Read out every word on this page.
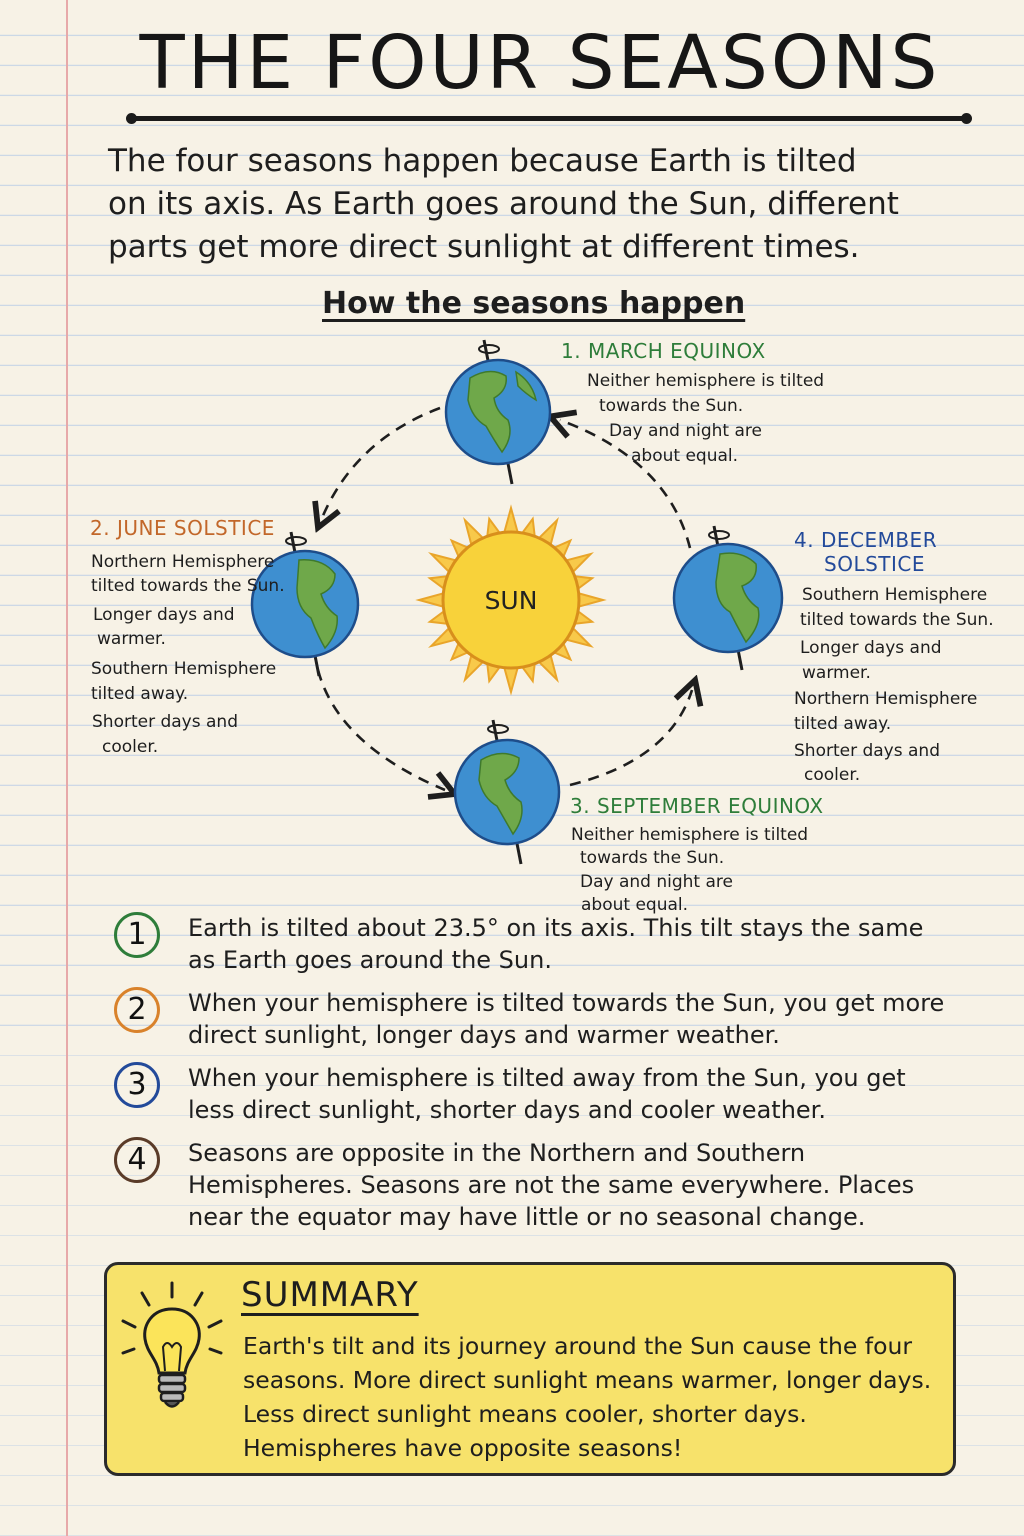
THE FOUR SEASONS

The four seasons happen because Earth is tilted
on its axis. As Earth goes around the Sun, different
parts get more direct sunlight at different times.

How the seasons happen
SUN
1. MARCH EQUINOX
Neither hemisphere is tilted
towards the Sun.
Day and night are
about equal.
2. JUNE SOLSTICE
Northern Hemisphere
tilted towards the Sun.
Longer days and
warmer.
Southern Hemisphere
tilted away.
Shorter days and
cooler.
3. SEPTEMBER EQUINOX
Neither hemisphere is tilted
towards the Sun.
Day and night are
about equal.
4. DECEMBER
SOLSTICE
Southern Hemisphere
tilted towards the Sun.
Longer days and
warmer.
Northern Hemisphere
tilted away.
Shorter days and
cooler.
1	Earth is tilted about 23.5° on its axis. This tilt stays the same as Earth goes around the Sun.
2	When your hemisphere is tilted towards the Sun, you get more direct sunlight, longer days and warmer weather.
3	When your hemisphere is tilted away from the Sun, you get less direct sunlight, shorter days and cooler weather.
4	Seasons are opposite in the Northern and Southern Hemispheres. Seasons are not the same everywhere. Places near the equator may have little or no seasonal change.
SUMMARY

Earth's tilt and its journey around the Sun cause the four
seasons. More direct sunlight means warmer, longer days.
Less direct sunlight means cooler, shorter days.
Hemispheres have opposite seasons!
